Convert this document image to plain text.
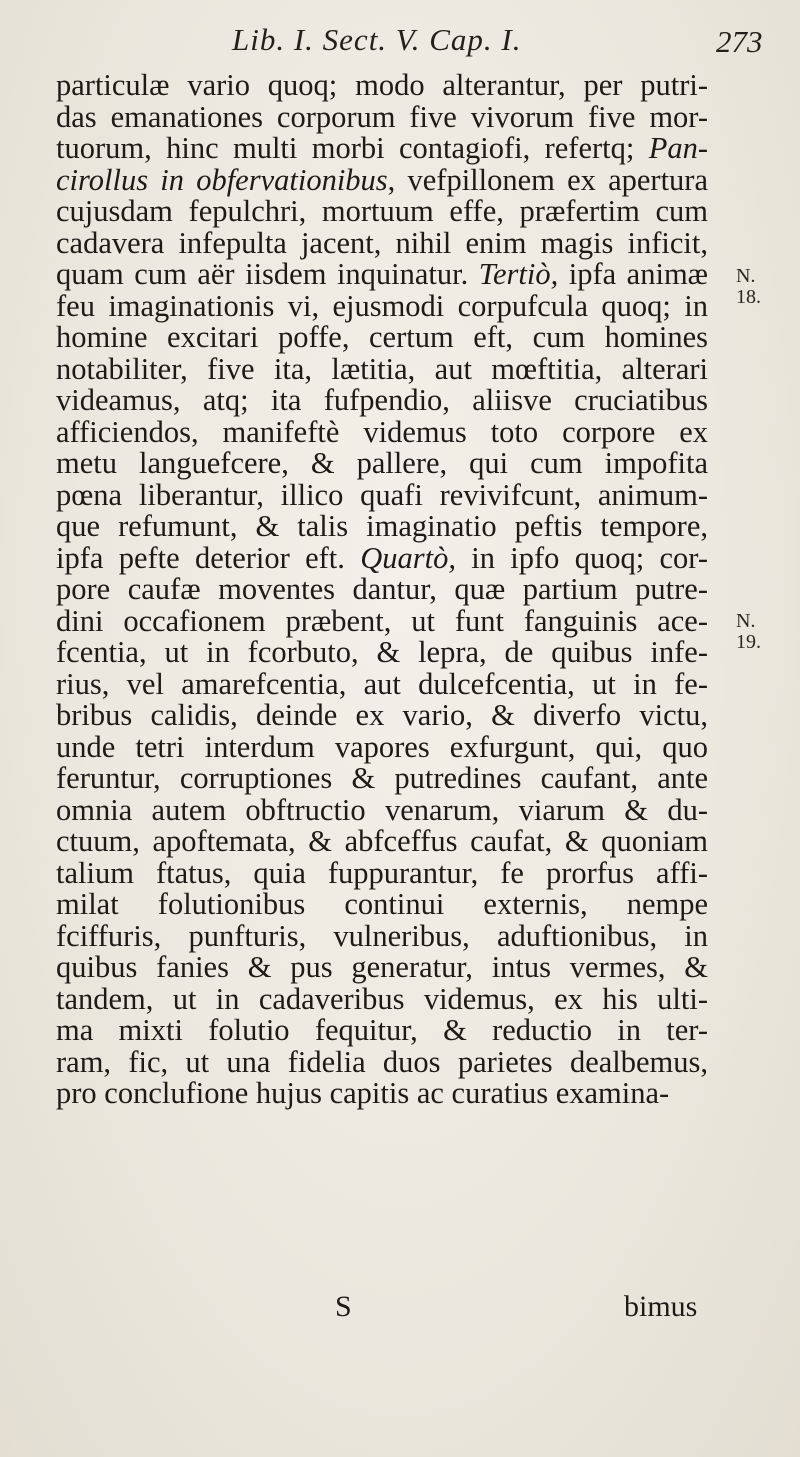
Lib. I. Sect. V. Cap. I.	273
particulæ vario quoq; modo alterantur, per putri-
das emanationes corporum five vivorum five mor-
tuorum, hinc multi morbi contagiofi, refertq; Pan-
cirollus in obfervationibus, vefpillonem ex apertura
cujusdam fepulchri, mortuum effe, præfertim cum
cadavera infepulta jacent, nihil enim magis inficit,
quam cum aër iisdem inquinatur. Tertiò, ipfa animæ
feu imaginationis vi, ejusmodi corpufcula quoq; in
homine excitari poffe, certum eft, cum homines
notabiliter, five ita, lætitia, aut mœftitia, alterari
videamus, atq; ita fufpendio, aliisve cruciatibus
afficiendos, manifeftè videmus toto corpore ex
metu languefcere, & pallere, qui cum impofita
pœna liberantur, illico quafi revivifcunt, animum-
que refumunt, & talis imaginatio peftis tempore,
ipfa pefte deterior eft. Quartò, in ipfo quoq; cor-
pore caufæ moventes dantur, quæ partium putre-
dini occafionem præbent, ut funt fanguinis ace-
fcentia, ut in fcorbuto, & lepra, de quibus infe-
rius, vel amarefcentia, aut dulcefcentia, ut in fe-
bribus calidis, deinde ex vario, & diverfo victu,
unde tetri interdum vapores exfurgunt, qui, quo
feruntur, corruptiones & putredines caufant, ante
omnia autem obftructio venarum, viarum & du-
ctuum, apoftemata, & abfceffus caufat, & quoniam
talium ftatus, quia fuppurantur, fe prorfus affi-
milat folutionibus continui externis, nempe
fciffuris, punfturis, vulneribus, aduftionibus, in
quibus fanies & pus generatur, intus vermes, &
tandem, ut in cadaveribus videmus, ex his ulti-
ma mixti folutio fequitur, & reductio in ter-
ram, fic, ut una fidelia duos parietes dealbemus,
pro conclufione hujus capitis ac curatius examina-
N.
18.
N.
19.
S	bimus
